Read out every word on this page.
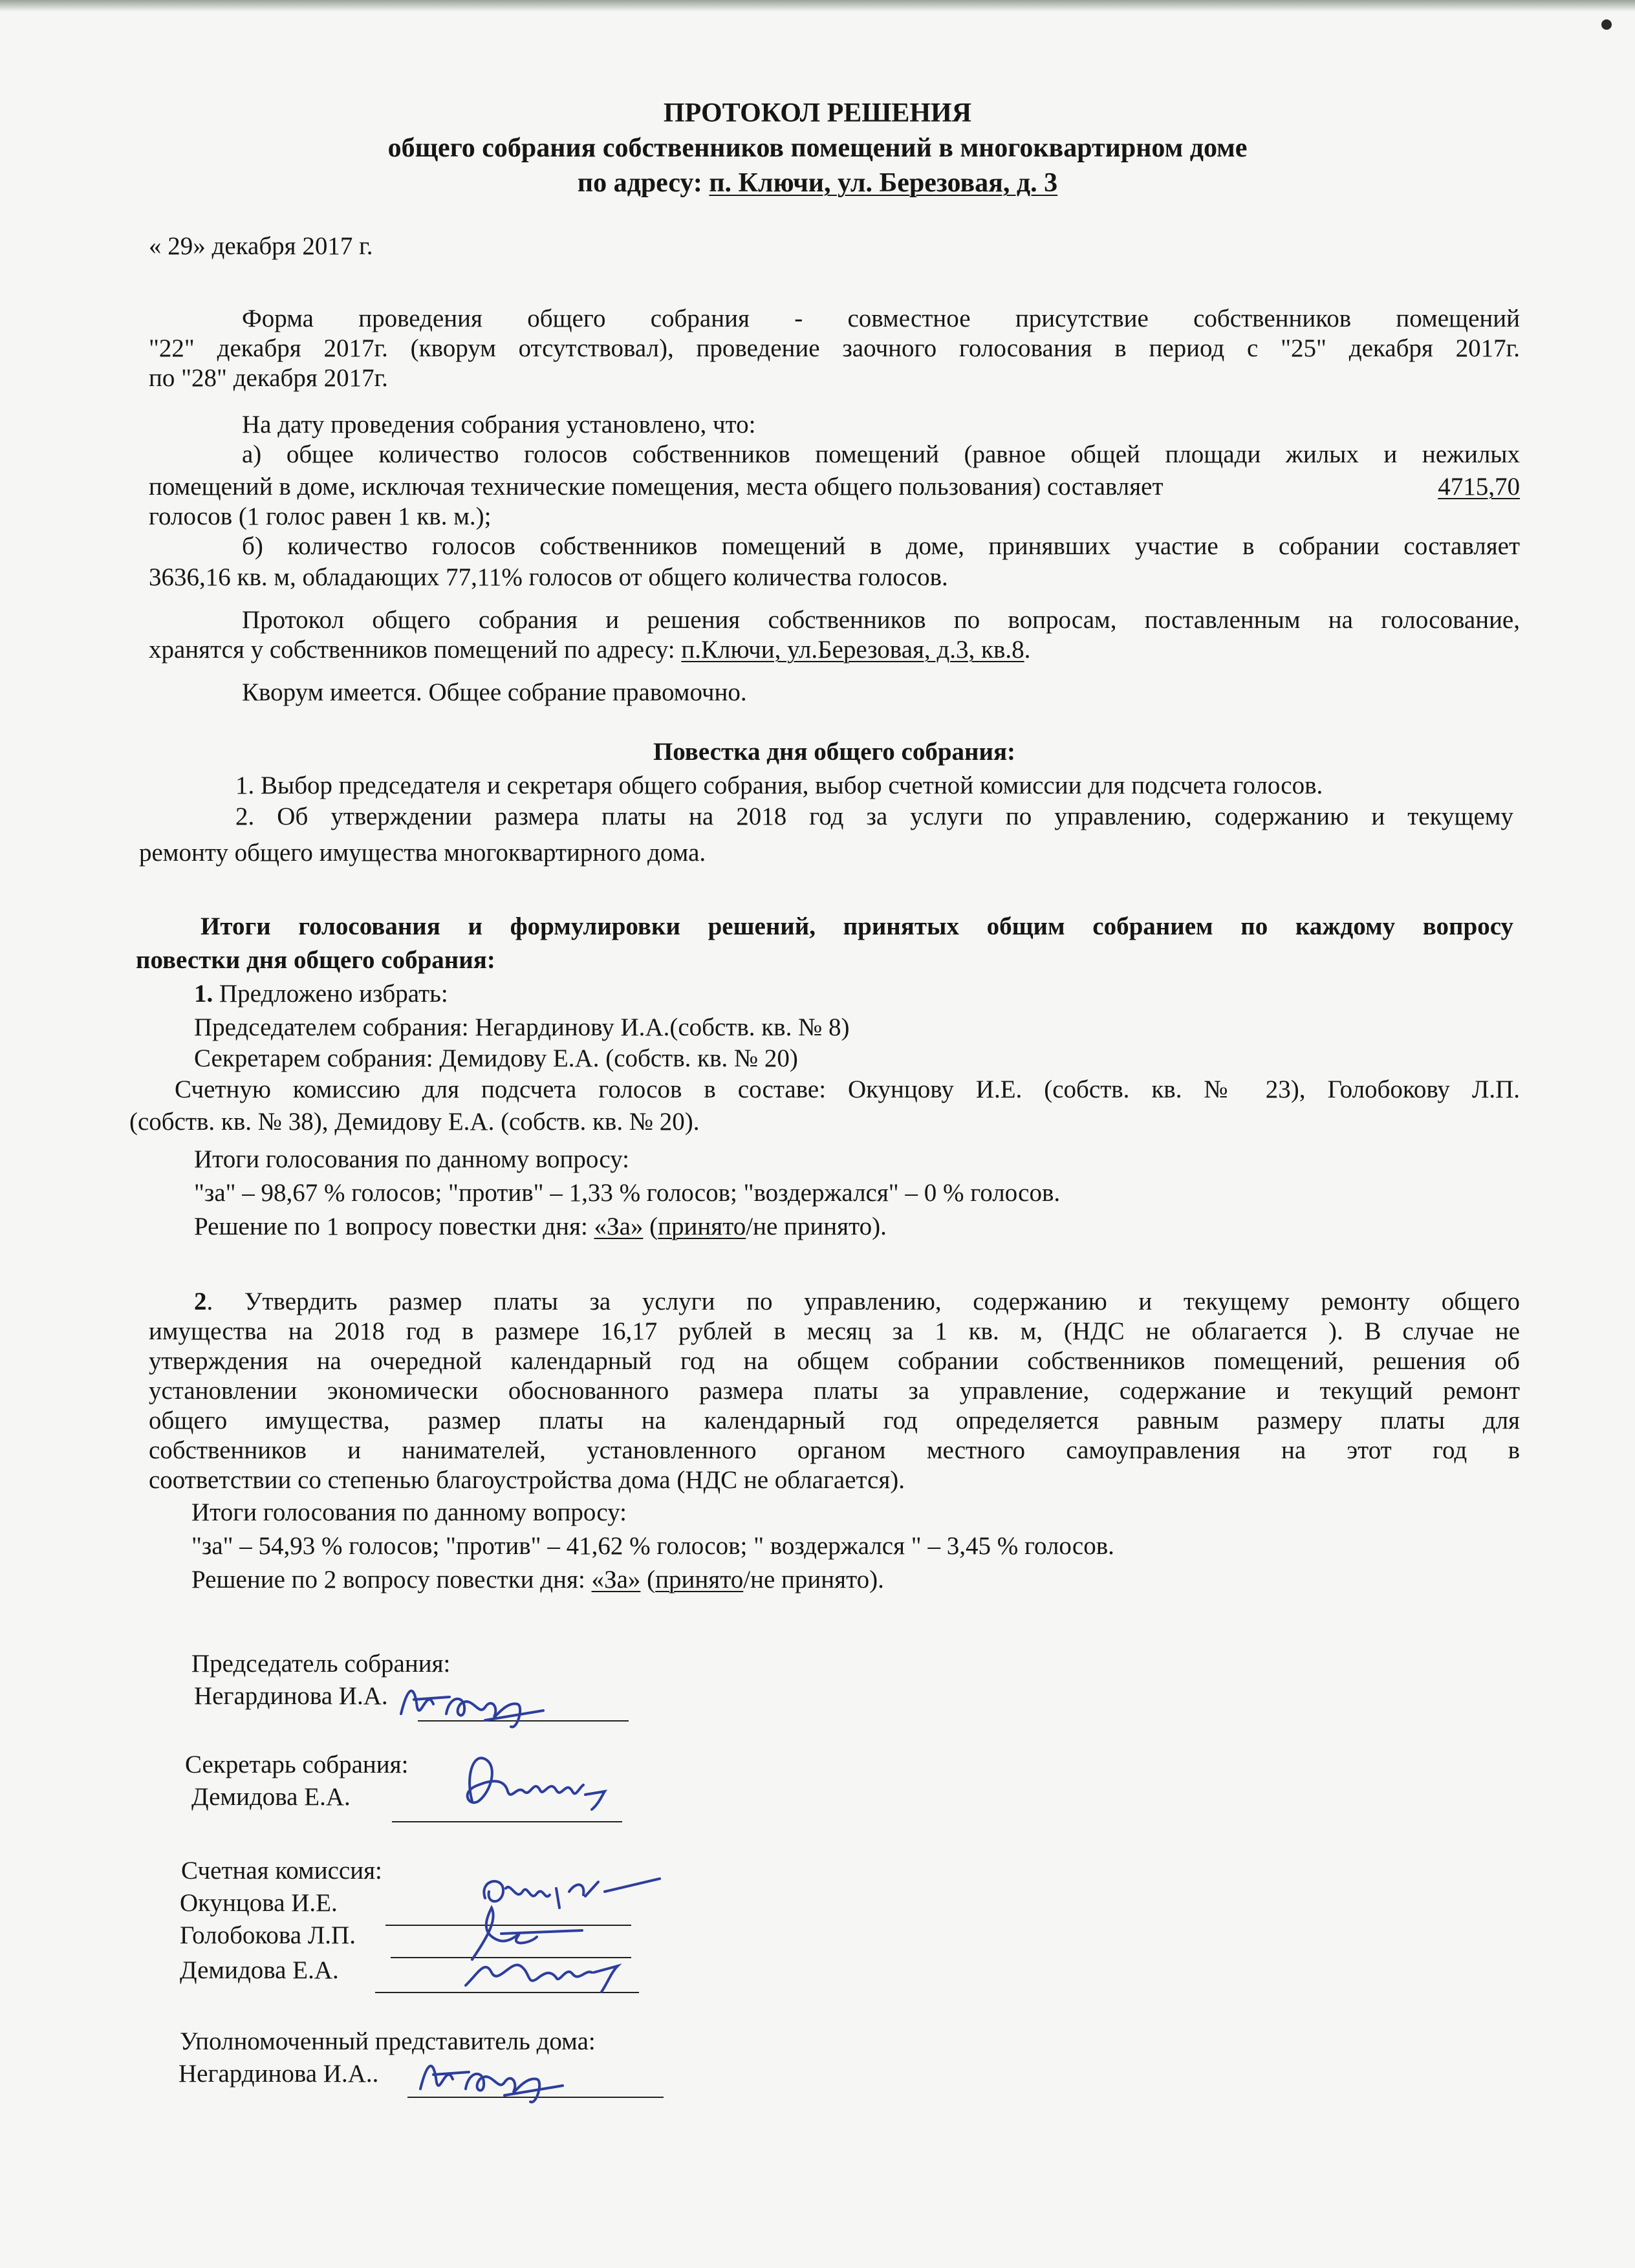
ПРОТОКОЛ РЕШЕНИЯ
общего собрания собственников помещений в многоквартирном доме
по адресу: п. Ключи, ул. Березовая, д. 3
« 29» декабря 2017 г.
Форма проведения общего собрания - совместное присутствие собственников помещений
"22" декабря 2017г. (кворум отсутствовал), проведение заочного голосования в период с "25" декабря 2017г.
по "28" декабря 2017г.
На дату проведения собрания установлено, что:
а) общее количество голосов собственников помещений (равное общей площади жилых и нежилых
помещений в доме, исключая технические помещения, места общего пользования) составляет	4715,70
голосов (1 голос равен 1 кв. м.);
б) количество голосов собственников помещений в доме, принявших участие в собрании составляет
3636,16 кв. м, обладающих 77,11% голосов от общего количества голосов.
Протокол общего собрания и решения собственников по вопросам, поставленным на голосование,
хранятся у собственников помещений по адресу: п.Ключи, ул.Березовая, д.3, кв.8.
Кворум имеется. Общее собрание правомочно.
Повестка дня общего собрания:
1. Выбор председателя и секретаря общего собрания, выбор счетной комиссии для подсчета голосов.
2. Об утверждении размера платы на 2018 год за услуги по управлению, содержанию и текущему
ремонту общего имущества многоквартирного дома.
Итоги голосования и формулировки решений, принятых общим собранием по каждому вопросу
повестки дня общего собрания:
1. Предложено избрать:
Председателем собрания: Негардинову И.А.(собств. кв. № 8)
Секретарем собрания: Демидову Е.А. (собств. кв. № 20)
Счетную комиссию для подсчета голосов в составе: Окунцову И.Е. (собств. кв. № 23), Голобокову Л.П.
(собств. кв. № 38), Демидову Е.А. (собств. кв. № 20).
Итоги голосования по данному вопросу:
"за" – 98,67 % голосов; "против" – 1,33 % голосов; "воздержался" – 0 % голосов.
Решение по 1 вопросу повестки дня: «За» (принято/не принято).
2. Утвердить размер платы за услуги по управлению, содержанию и текущему ремонту общего
имущества на 2018 год в размере 16,17 рублей в месяц за 1 кв. м, (НДС не облагается ). В случае не
утверждения на очередной календарный год на общем собрании собственников помещений, решения об
установлении экономически обоснованного размера платы за управление, содержание и текущий ремонт
общего имущества, размер платы на календарный год определяется равным размеру платы для
собственников и нанимателей, установленного органом местного самоуправления на этот год в
соответствии со степенью благоустройства дома (НДС не облагается).
Итоги голосования по данному вопросу:
"за" – 54,93 % голосов; "против" – 41,62 % голосов; " воздержался " – 3,45 % голосов.
Решение по 2 вопросу повестки дня: «За» (принято/не принято).
Председатель собрания:
Негардинова И.А.
Секретарь собрания:
Демидова Е.А.
Счетная комиссия:
Окунцова И.Е.
Голобокова Л.П.
Демидова Е.А.
Уполномоченный представитель дома:
Негардинова И.А..
